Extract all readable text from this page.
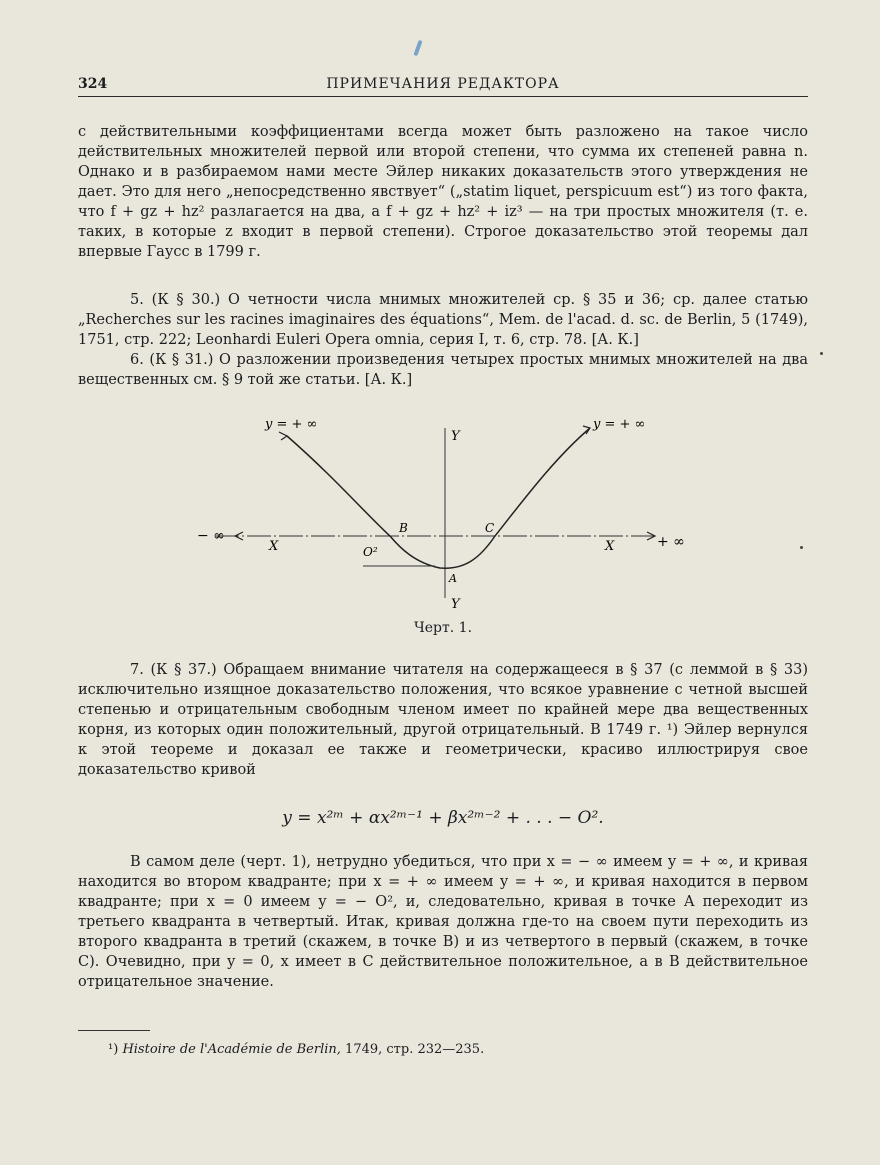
324	ПРИМЕЧАНИЯ РЕДАКТОРА

с действительными коэффициентами всегда может быть разложено на такое число действительных множителей первой или второй степени, что сумма их степеней равна n. Однако и в разбираемом нами месте Эйлер никаких доказательств этого утверждения не дает. Это для него „непосредственно явствует“ („statim liquet, perspicuum est“) из того факта, что f + gz + hz² разлагается на два, а f + gz + hz² + iz³ — на три простых множителя (т. е. таких, в которые z входит в первой степени). Строгое доказательство этой теоремы дал впервые Гаусс в 1799 г.

5. (К § 30.) О четности числа мнимых множителей ср. § 35 и 36; ср. далее статью „Recherches sur les racines imaginaires des équations“, Mem. de l'acad. d. sc. de Berlin, 5 (1749), 1751, стр. 222; Leonhardi Euleri Opera omnia, серия I, т. 6, стр. 78. [А. К.]

6. (К § 31.) О разложении произведения четырех простых мнимых множителей на два вещественных см. § 9 той же статьи. [А. К.]

y = + ∞	y = + ∞
Y
Y
− ∞	+ ∞
X	X
B	C
O²
A
Черт. 1.

7. (К § 37.) Обращаем внимание читателя на содержащееся в § 37 (с леммой в § 33) исключительно изящное доказательство положения, что всякое уравнение с четной высшей степенью и отрицательным свободным членом имеет по крайней мере два вещественных корня, из которых один положительный, другой отрицательный. В 1749 г. ¹) Эйлер вернулся к этой теореме и доказал ее также и геометрически, красиво иллюстрируя свое доказательство кривой

y = x²ᵐ + αx²ᵐ⁻¹ + βx²ᵐ⁻² + . . . − O².

В самом деле (черт. 1), нетрудно убедиться, что при x = − ∞ имеем y = + ∞, и кривая находится во втором квадранте; при x = + ∞ имеем y = + ∞, и кривая находится в первом квадранте; при x = 0 имеем y = − O², и, следовательно, кривая в точке A переходит из третьего квадранта в четвертый. Итак, кривая должна где-то на своем пути переходить из второго квадранта в третий (скажем, в точке B) и из четвертого в первый (скажем, в точке C). Очевидно, при y = 0, x имеет в C действительное положительное, а в B действительное отрицательное значение.

¹) Histoire de l'Académie de Berlin, 1749, стр. 232—235.
